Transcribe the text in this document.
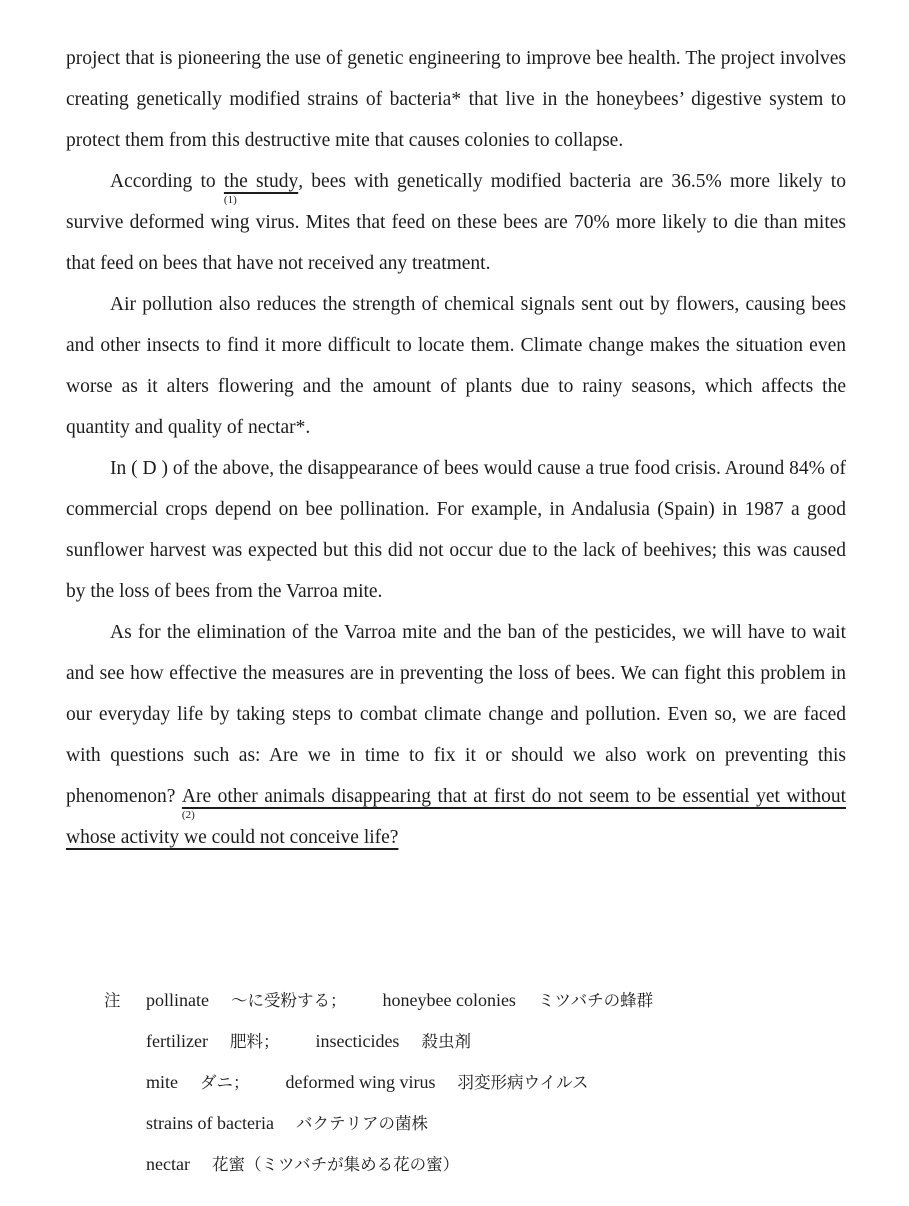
project that is pioneering the use of genetic engineering to improve bee health. The project involves creating genetically modified strains of bacteria* that live in the honeybees’ digestive system to protect them from this destructive mite that causes colonies to collapse.

According to the study
(1)
, bees with genetically modified bacteria are 36.5% more likely to survive deformed wing virus. Mites that feed on these bees are 70% more likely to die than mites that feed on bees that have not received any treatment.

Air pollution also reduces the strength of chemical signals sent out by flowers, causing bees and other insects to find it more difficult to locate them. Climate change makes the situation even worse as it alters flowering and the amount of plants due to rainy seasons, which affects the quantity and quality of nectar*.

In ( D ) of the above, the disappearance of bees would cause a true food crisis. Around 84% of commercial crops depend on bee pollination. For example, in Andalusia (Spain) in 1987 a good sunflower harvest was expected but this did not occur due to the lack of beehives; this was caused by the loss of bees from the Varroa mite.

As for the elimination of the Varroa mite and the ban of the pesticides, we will have to wait and see how effective the measures are in preventing the loss of bees. We can fight this problem in our everyday life by taking steps to combat climate change and pollution. Even so, we are faced with questions such as: Are we in time to fix it or should we also work on preventing this phenomenon?
(2)
Are other animals disappearing that at first do not seem to be essential yet without whose activity we could not conceive life?

注 pollinate 〜に受粉する； honeybee colonies ミツバチの蜂群
fertilizer 肥料； insecticides 殺虫剤
mite ダニ； deformed wing virus 羽変形病ウイルス
strains of bacteria バクテリアの菌株
nectar 花蜜（ミツバチが集める花の蜜）
